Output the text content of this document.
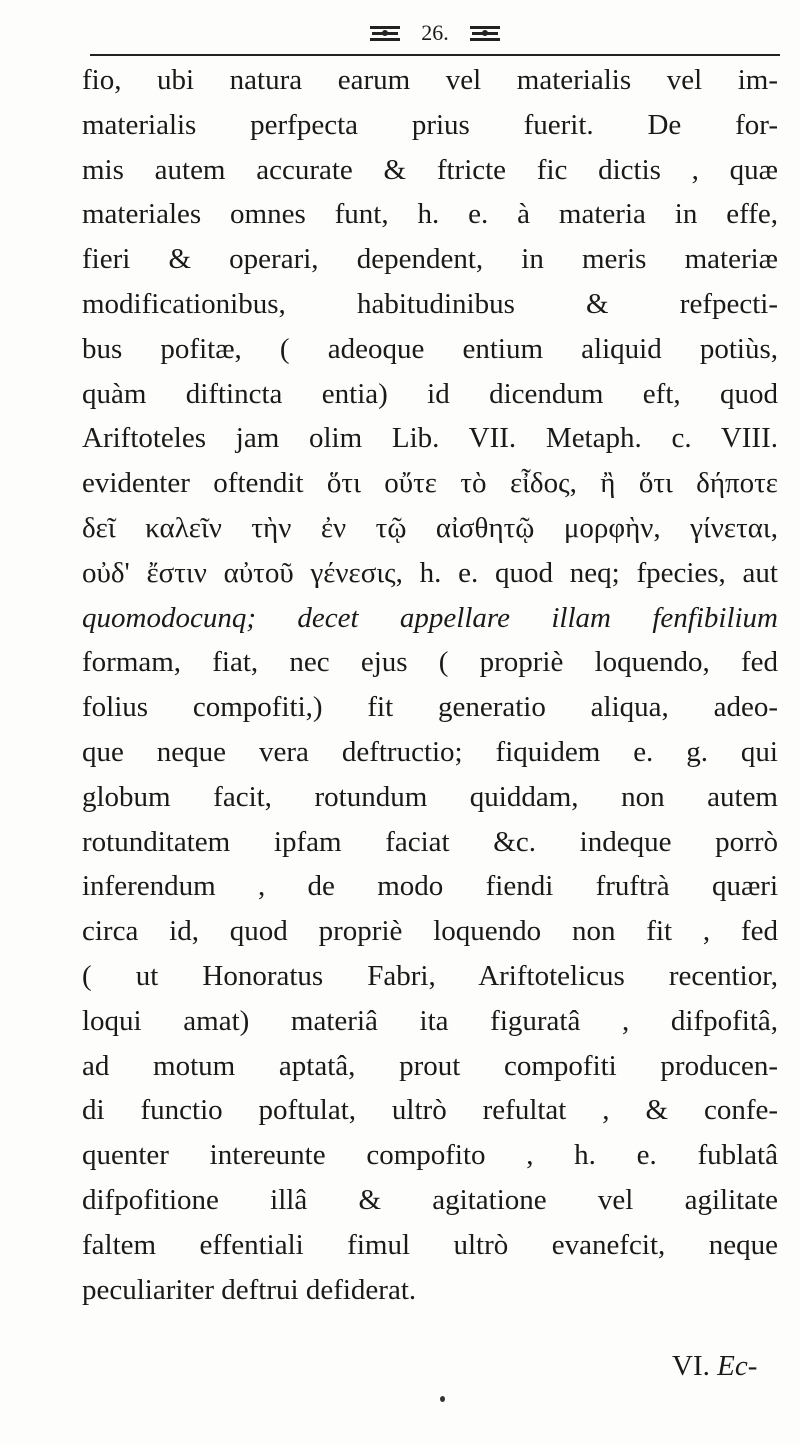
26.
fio, ubi natura earum vel materialis vel im-
materialis perfpecta prius fuerit. De for-
mis autem accurate & ftricte fic dictis , quæ
materiales omnes funt, h. e. à materia in effe,
fieri & operari, dependent, in meris materiæ
modificationibus, habitudinibus & refpecti-
bus pofitæ, ( adeoque entium aliquid potiùs,
quàm diftincta entia) id dicendum eft, quod
Ariftoteles jam olim Lib. VII. Metaph. c. VIII.
evidenter oftendit ὅτι οὔτε τὸ εἶδος, ἢ ὅτι δήποτε
δεῖ καλεῖν τὴν ἐν τῷ αἰσθητῷ μορφὴν, γίνεται,
οὐδ' ἔστιν αὐτοῦ γένεσις, h. e. quod neq; fpecies, aut
quomodocunq; decet appellare illam fenfibilium
formam, fiat, nec ejus ( propriè loquendo, fed
folius compofiti,) fit generatio aliqua, adeo-
que neque vera deftructio; fiquidem e. g. qui
globum facit, rotundum quiddam, non autem
rotunditatem ipfam faciat &c. indeque porrò
inferendum , de modo fiendi fruftrà quæri
circa id, quod propriè loquendo non fit , fed
( ut Honoratus Fabri, Ariftotelicus recentior,
loqui amat) materiâ ita figuratâ , difpofitâ,
ad motum aptatâ, prout compofiti producen-
di functio poftulat, ultrò refultat , & confe-
quenter intereunte compofito , h. e. fublatâ
difpofitione illâ & agitatione vel agilitate
faltem effentiali fimul ultrò evanefcit, neque
peculiariter deftrui defiderat.
VI. Ec-
